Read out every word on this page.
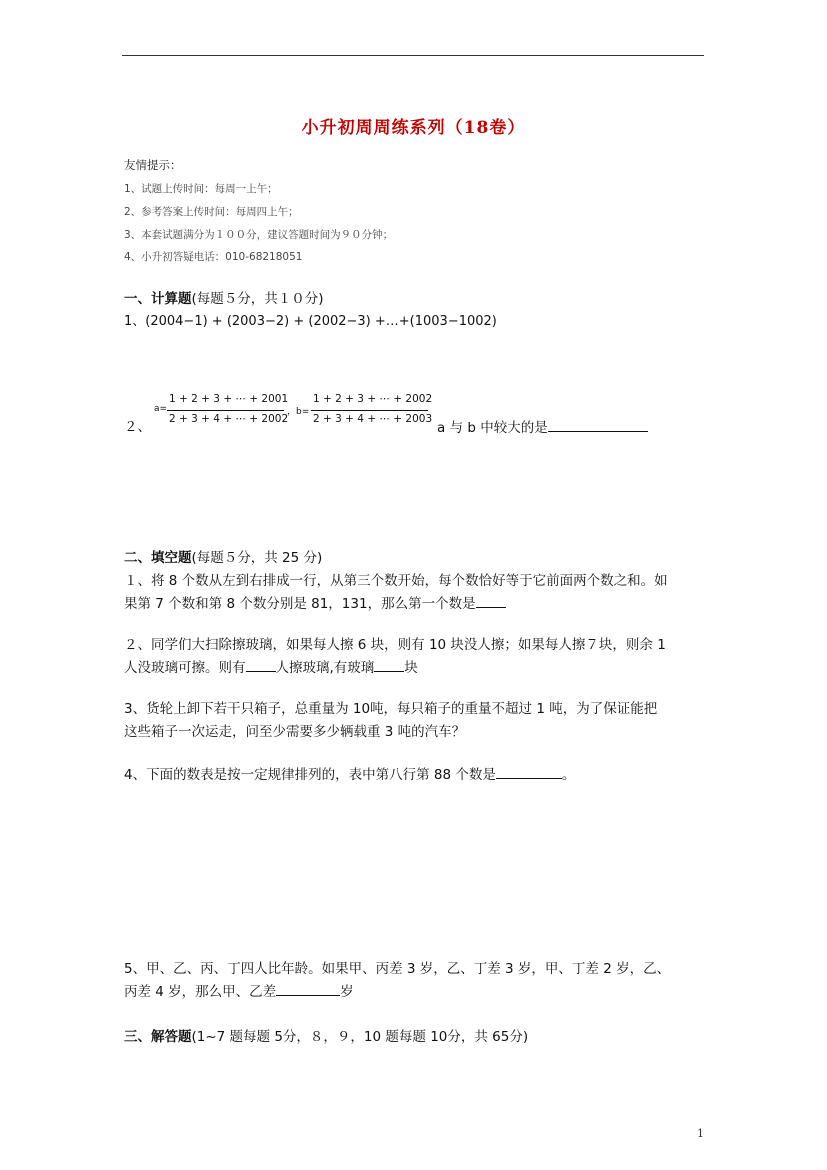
小升初周周练系列（18卷）
友情提示：
1、试题上传时间：每周一上午；
2、参考答案上传时间：每周四上午；
3、本套试题满分为１００分，建议答题时间为９０分钟；
4、小升初答疑电话：010-68218051
一、计算题(每题５分，共１０分)
1、(2004−1) + (2003−2) + (2002−3) +…+(1003−1002)
２、
a=
1 + 2 + 3 + ⋯ + 2001
2 + 3 + 4 + ⋯ + 2002
，b=
1 + 2 + 3 + ⋯ + 2002
2 + 3 + 4 + ⋯ + 2003
a 与 b 中较大的是
二、填空题(每题５分，共 25 分)
１、将 8 个数从左到右排成一行，从第三个数开始，每个数恰好等于它前面两个数之和。如
果第 7 个数和第 8 个数分别是 81，131，那么第一个数是
２、同学们大扫除擦玻璃，如果每人擦 6 块，则有 10 块没人擦；如果每人擦７块，则余 1
人没玻璃可擦。则有 人擦玻璃,有玻璃 块
3、货轮上卸下若干只箱子，总重量为 10吨，每只箱子的重量不超过 1 吨，为了保证能把
这些箱子一次运走，问至少需要多少辆载重 3 吨的汽车？
4、下面的数表是按一定规律排列的，表中第八行第 88 个数是	。
5、甲、乙、丙、丁四人比年龄。如果甲、丙差 3 岁，乙、丁差 3 岁，甲、丁差 2 岁，乙、
丙差 4 岁，那么甲、乙差	岁
三、解答题(1~7 题每题 5分，８，９，10 题每题 10分，共 65分)
1
